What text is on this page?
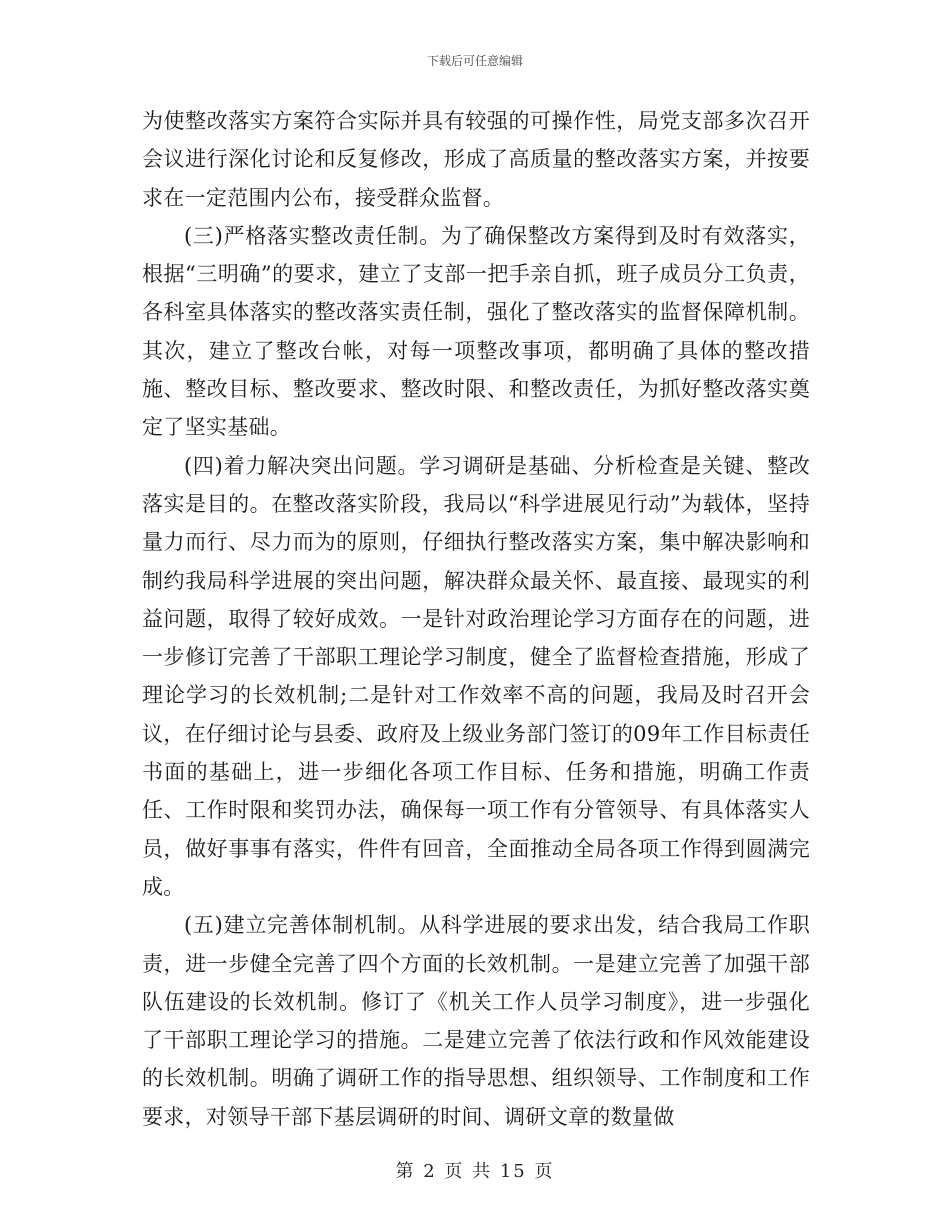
下载后可任意编辑

为使整改落实方案符合实际并具有较强的可操作性，局党支部多次召开会议进行深化讨论和反复修改，形成了高质量的整改落实方案，并按要求在一定范围内公布，接受群众监督。

(三)严格落实整改责任制。为了确保整改方案得到及时有效落实，根据“三明确”的要求，建立了支部一把手亲自抓，班子成员分工负责，各科室具体落实的整改落实责任制，强化了整改落实的监督保障机制。其次，建立了整改台帐，对每一项整改事项，都明确了具体的整改措施、整改目标、整改要求、整改时限、和整改责任，为抓好整改落实奠定了坚实基础。

(四)着力解决突出问题。学习调研是基础、分析检查是关键、整改落实是目的。在整改落实阶段，我局以“科学进展见行动”为载体，坚持量力而行、尽力而为的原则，仔细执行整改落实方案，集中解决影响和制约我局科学进展的突出问题，解决群众最关怀、最直接、最现实的利益问题，取得了较好成效。一是针对政治理论学习方面存在的问题，进一步修订完善了干部职工理论学习制度，健全了监督检查措施，形成了理论学习的长效机制;二是针对工作效率不高的问题，我局及时召开会议，在仔细讨论与县委、政府及上级业务部门签订的09年工作目标责任书面的基础上，进一步细化各项工作目标、任务和措施，明确工作责任、工作时限和奖罚办法，确保每一项工作有分管领导、有具体落实人员，做好事事有落实，件件有回音，全面推动全局各项工作得到圆满完成。

(五)建立完善体制机制。从科学进展的要求出发，结合我局工作职责，进一步健全完善了四个方面的长效机制。一是建立完善了加强干部队伍建设的长效机制。修订了《机关工作人员学习制度》，进一步强化了干部职工理论学习的措施。二是建立完善了依法行政和作风效能建设的长效机制。明确了调研工作的指导思想、组织领导、工作制度和工作要求，对领导干部下基层调研的时间、调研文章的数量做

第 2 页 共 15 页
